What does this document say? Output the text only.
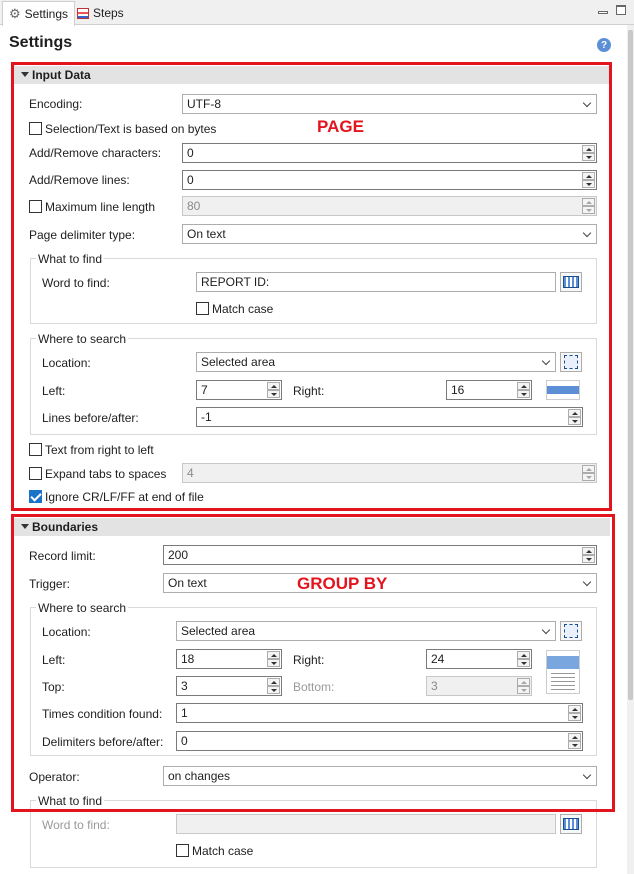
⚙ Settings Steps
Settings	?
Input Data
Encoding:	UTF-8
Selection/Text is based on bytes	PAGE
Add/Remove characters: 0
Add/Remove lines:	0
Maximum line length	80
Page delimiter type:	On text
What to find
Word to find:	REPORT ID:
Match case
Where to search
Location:	Selected area
Left:	7	Right:	16
Lines before/after:	-1
Text from right to left
Expand tabs to spaces 4
Ignore CR/LF/FF at end of file
Boundaries
Record limit:	200
Trigger:	On text	GROUP BY
Where to search
Location:	Selected area
Left:	18	Right:	24
Top:	3	Bottom:	3
Times condition found: 1
Delimiters before/after: 0
Operator:	on changes
What to find
Word to find:
Match case
